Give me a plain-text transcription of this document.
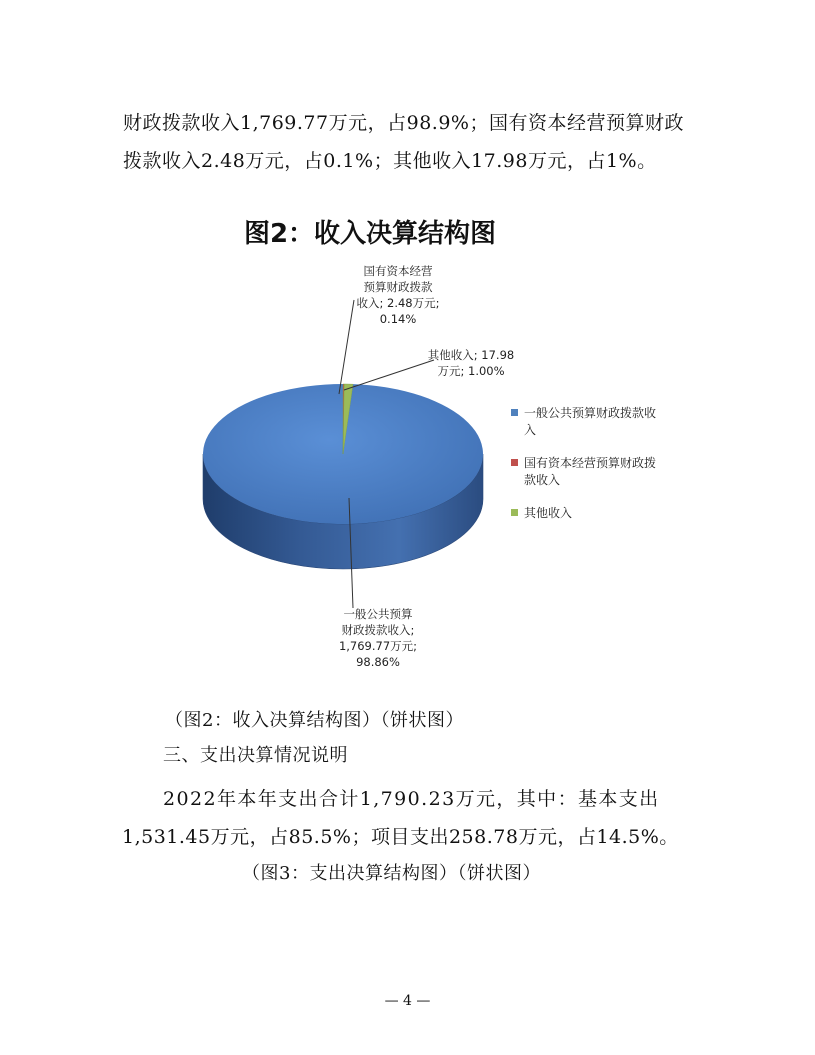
财政拨款收入1,769.77万元，占98.9%；国有资本经营预算财政
拨款收入2.48万元，占0.1%；其他收入17.98万元，占1%。
图2：收入决算结构图
一般公共预算
财政拨款收入;
1,769.77万元;
98.86%
国有资本经营
预算财政拨款
收入; 2.48万元;
0.14%
其他收入; 17.98
万元; 1.00%
一般公共预算财政拨款收
入
国有资本经营预算财政拨
款收入
其他收入
（图2：收入决算结构图）（饼状图）
三、支出决算情况说明
2022年本年支出合计1,790.23万元，其中：基本支出
1,531.45万元，占85.5%；项目支出258.78万元，占14.5%。
（图3：支出决算结构图）（饼状图）
— 4 —
